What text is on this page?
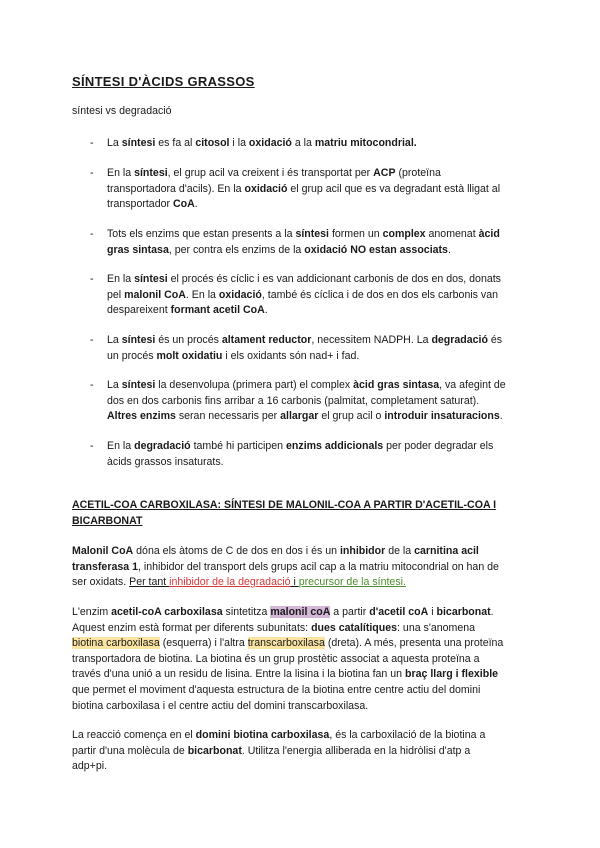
SÍNTESI D'ÀCIDS GRASSOS
síntesi vs degradació
- La síntesi es fa al citosol i la oxidació a la matriu mitocondrial.
- En la síntesi, el grup acil va creixent i és transportat per ACP (proteïna
transportadora d'acils). En la oxidació el grup acil que es va degradant està lligat al
transportador CoA.
- Tots els enzims que estan presents a la síntesi formen un complex anomenat àcid
gras sintasa, per contra els enzims de la oxidació NO estan associats.
- En la síntesi el procés és cíclic i es van addicionant carbonis de dos en dos, donats
pel malonil CoA. En la oxidació, també és cíclica i de dos en dos els carbonis van
despareixent formant acetil CoA.
- La síntesi és un procés altament reductor, necessitem NADPH. La degradació és
un procés molt oxidatiu i els oxidants són nad+ i fad.
- La síntesi la desenvolupa (primera part) el complex àcid gras sintasa, va afegint de
dos en dos carbonis fins arribar a 16 carbonis (palmitat, completament saturat).
Altres enzims seran necessaris per allargar el grup acil o introduir insaturacions.
- En la degradació també hi participen enzims addicionals per poder degradar els
àcids grassos insaturats.
ACETIL-COA CARBOXILASA: SÍNTESI DE MALONIL-COA A PARTIR D'ACETIL-COA I
BICARBONAT
Malonil CoA dóna els àtoms de C de dos en dos i és un inhibidor de la carnitina acil
transferasa 1, inhibidor del transport dels grups acil cap a la matriu mitocondrial on han de
ser oxidats. Per tant inhibidor de la degradació i precursor de la síntesi.
L'enzim acetil-coA carboxilasa sintetitza malonil coA a partir d'acetil coA i bicarbonat.
Aquest enzim està format per diferents subunitats: dues catalítiques: una s'anomena
biotina carboxilasa (esquerra) i l'altra transcarboxilasa (dreta). A més, presenta una proteïna
transportadora de biotina. La biotina és un grup prostètic associat a aquesta proteïna a
través d'una unió a un residu de lisina. Entre la lisina i la biotina fan un braç llarg i flexible
que permet el moviment d'aquesta estructura de la biotina entre centre actiu del domini
biotina carboxilasa i el centre actiu del domini transcarboxilasa.
La reacció comença en el domini biotina carboxilasa, és la carboxilació de la biotina a
partir d'una molècula de bicarbonat. Utilitza l'energia alliberada en la hidròlisi d'atp a
adp+pi.
